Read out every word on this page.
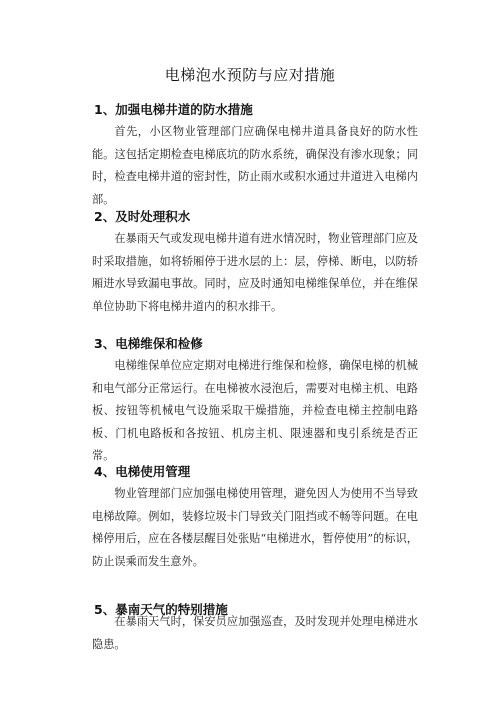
电梯泡水预防与应对措施
1、加强电梯井道的防水措施

首先，小区物业管理部门应确保电梯井道具备良好的防水性能。这包括定期检查电梯底坑的防水系统，确保没有渗水现象；同时，检查电梯井道的密封性，防止雨水或积水通过井道进入电梯内部。

2、及时处理积水

在暴雨天气或发现电梯井道有进水情况时，物业管理部门应及时采取措施，如将轿厢停于进水层的上：层，停梯、断电，以防轿厢进水导致漏电事故。同时，应及时通知电梯维保单位，并在维保单位协助下将电梯井道内的积水排干。

3、电梯维保和检修

电梯维保单位应定期对电梯进行维保和检修，确保电梯的机械和电气部分正常运行。在电梯被水浸泡后，需要对电梯主机、电路板、按钮等机械电气设施采取干燥措施，并检查电梯主控制电路板、门机电路板和各按钮、机房主机、限速器和曳引系统是否正常。

4、电梯使用管理

物业管理部门应加强电梯使用管理，避免因人为使用不当导致电梯故障。例如，装修垃圾卡门导致关门阻挡或不畅等问题。在电梯停用后，应在各楼层醒目处张贴“电梯进水，暂停使用”的标识，防止误乘而发生意外。

5、暴南天气的特别措施

在暴雨天气时，保安员应加强巡查，及时发现并处理电梯进水隐患。
